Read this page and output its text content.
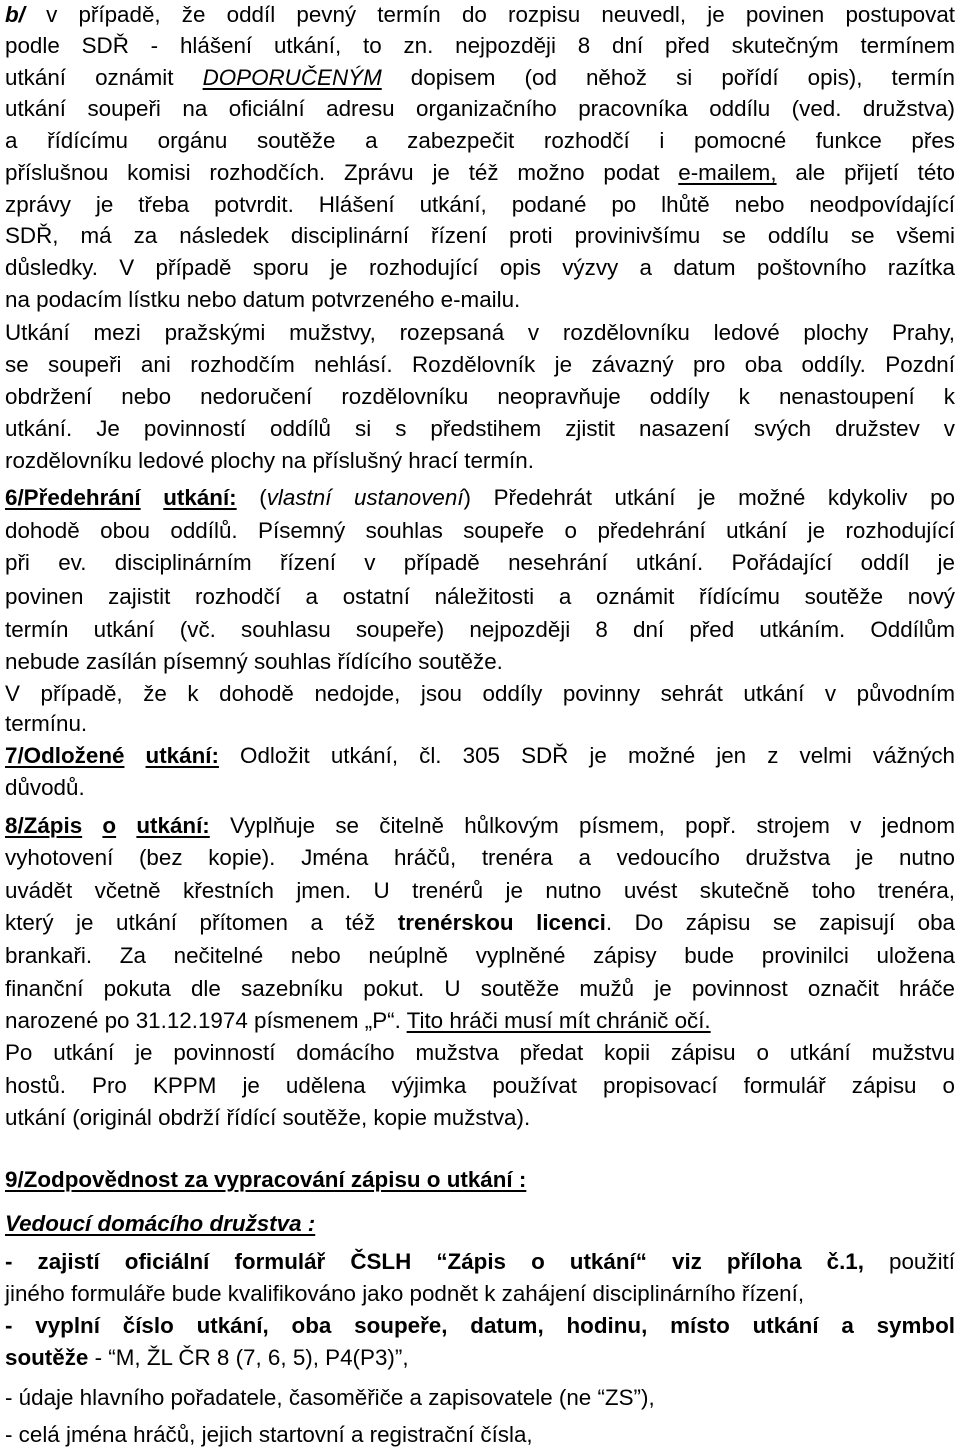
b/ v případě, že oddíl pevný termín do rozpisu neuvedl, je povinen postupovat
podle SDŘ - hlášení utkání, to zn. nejpozději 8 dní před skutečným termínem
utkání oznámit DOPORUČENÝM dopisem (od něhož si pořídí opis), termín
utkání soupeři na oficiální adresu organizačního pracovníka oddílu (ved. družstva)
a řídícímu orgánu soutěže a zabezpečit rozhodčí i pomocné funkce přes
příslušnou komisi rozhodčích. Zprávu je též možno podat e-mailem, ale přijetí této
zprávy je třeba potvrdit. Hlášení utkání, podané po lhůtě nebo neodpovídající
SDŘ, má za následek disciplinární řízení proti provinivšímu se oddílu se všemi
důsledky. V případě sporu je rozhodující opis výzvy a datum poštovního razítka
na podacím lístku nebo datum potvrzeného e-mailu.
Utkání mezi pražskými mužstvy, rozepsaná v rozdělovníku ledové plochy Prahy,
se soupeři ani rozhodčím nehlásí. Rozdělovník je závazný pro oba oddíly. Pozdní
obdržení nebo nedoručení rozdělovníku neopravňuje oddíly k nenastoupení k
utkání. Je povinností oddílů si s předstihem zjistit nasazení svých družstev v
rozdělovníku ledové plochy na příslušný hrací termín.
6/Předehrání utkání: (vlastní ustanovení) Předehrát utkání je možné kdykoliv po
dohodě obou oddílů. Písemný souhlas soupeře o předehrání utkání je rozhodující
při ev. disciplinárním řízení v případě nesehrání utkání. Pořádající oddíl je
povinen zajistit rozhodčí a ostatní náležitosti a oznámit řídícímu soutěže nový
termín utkání (vč. souhlasu soupeře) nejpozději 8 dní před utkáním. Oddílům
nebude zasílán písemný souhlas řídícího soutěže.
V případě, že k dohodě nedojde, jsou oddíly povinny sehrát utkání v původním
termínu.
7/Odložené utkání: Odložit utkání, čl. 305 SDŘ je možné jen z velmi vážných
důvodů.
8/Zápis o utkání: Vyplňuje se čitelně hůlkovým písmem, popř. strojem v jednom
vyhotovení (bez kopie). Jména hráčů, trenéra a vedoucího družstva je nutno
uvádět včetně křestních jmen. U trenérů je nutno uvést skutečně toho trenéra,
který je utkání přítomen a též trenérskou licenci. Do zápisu se zapisují oba
brankaři. Za nečitelné nebo neúplně vyplněné zápisy bude provinilci uložena
finanční pokuta dle sazebníku pokut. U soutěže mužů je povinnost označit hráče
narozené po 31.12.1974 písmenem „P“. Tito hráči musí mít chránič očí.
Po utkání je povinností domácího mužstva předat kopii zápisu o utkání mužstvu
hostů. Pro KPPM je udělena výjimka používat propisovací formulář zápisu o
utkání (originál obdrží řídící soutěže, kopie mužstva).
9/Zodpovědnost za vypracování zápisu o utkání :
Vedoucí domácího družstva :
- zajistí oficiální formulář ČSLH “Zápis o utkání“ viz příloha č.1, použití
jiného formuláře bude kvalifikováno jako podnět k zahájení disciplinárního řízení,
- vyplní číslo utkání, oba soupeře, datum, hodinu, místo utkání a symbol
soutěže - “M, ŽL ČR 8 (7, 6, 5), P4(P3)”,
- údaje hlavního pořadatele, časoměřiče a zapisovatele (ne “ZS”),
- celá jména hráčů, jejich startovní a registrační čísla,
